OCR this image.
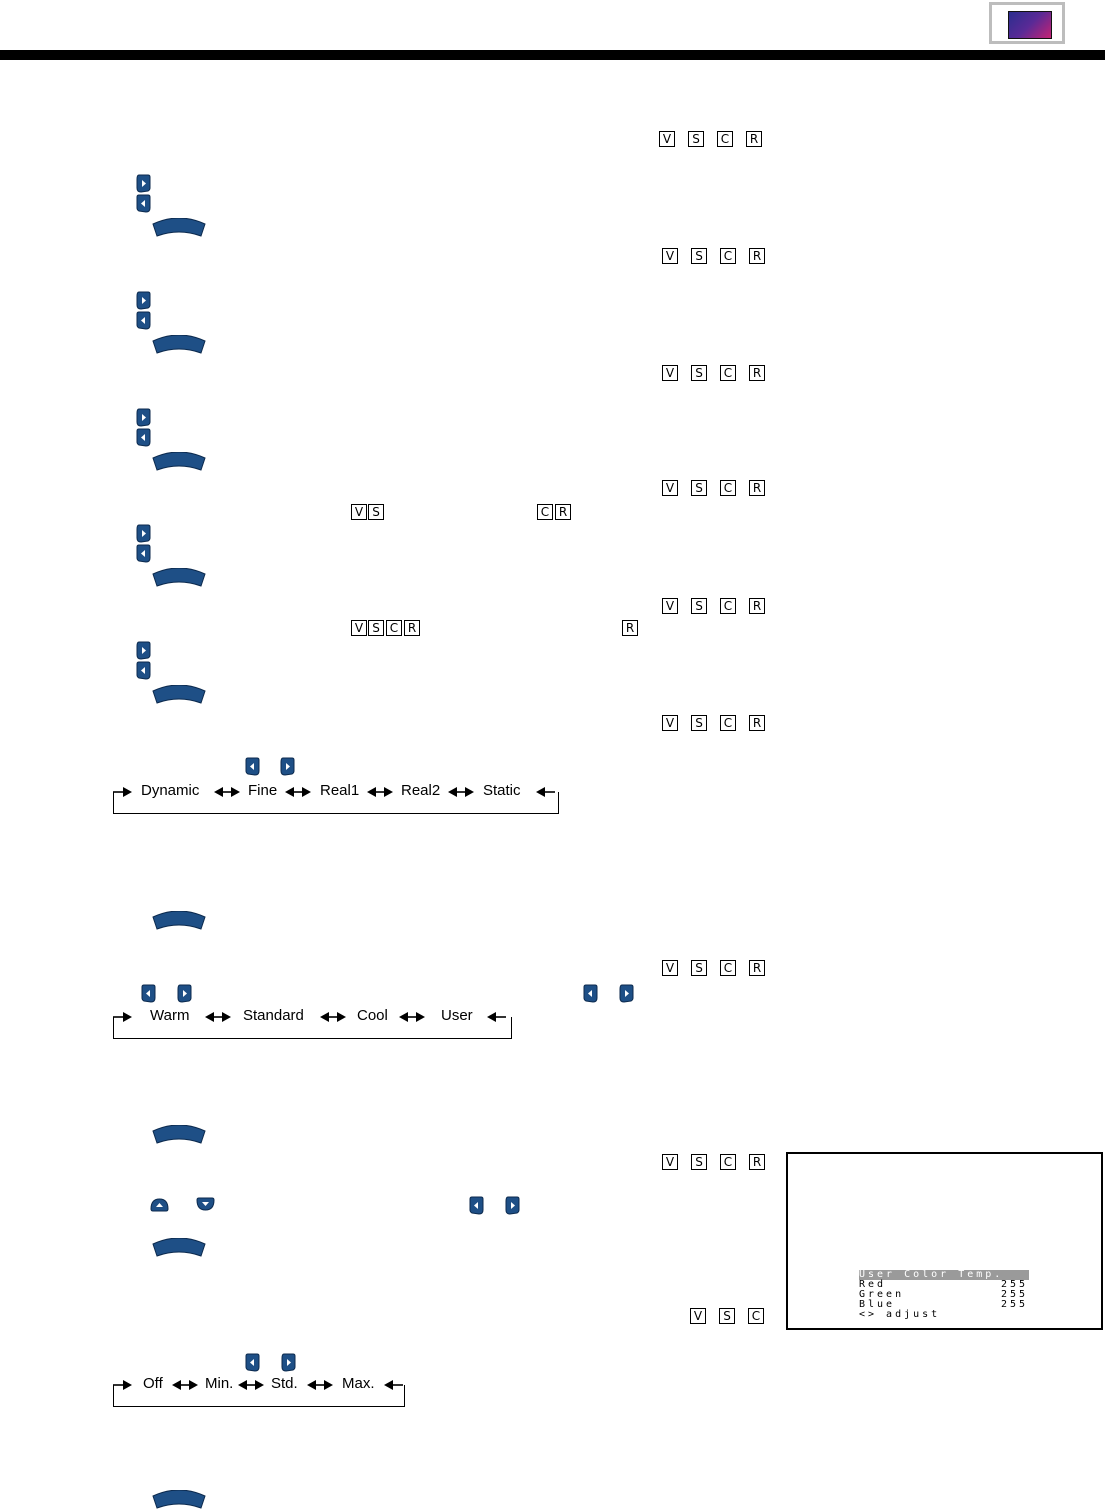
V	S	C	R
V	S	C	R
V	S	C	R
V	S	C	R
V	S	C	R
V	S	C	R
V	S	C	R
V	S	C	R
V	S	C
V S	C R
V S C R	R
Dynamic	Fine	Real1	Real2	Static
Warm	Standard	Cool	User
Off	Min.	Std.	Max.
User Color Temp.
Red	255
Green	255
Blue	255
<> adjust
